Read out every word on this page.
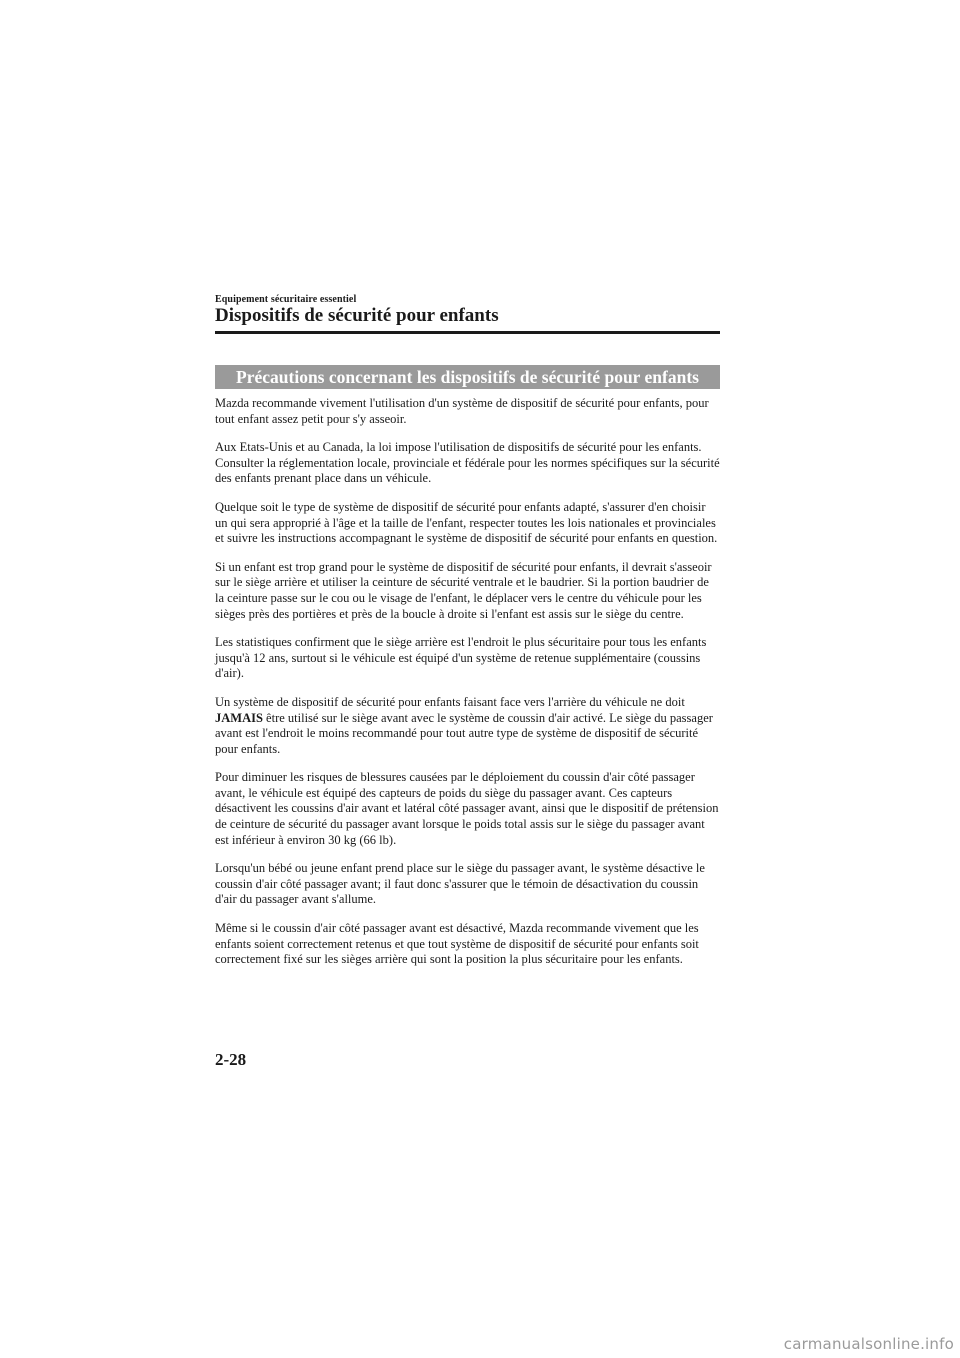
Equipement sécuritaire essentiel
Dispositifs de sécurité pour enfants
Précautions concernant les dispositifs de sécurité pour enfants

Mazda recommande vivement l'utilisation d'un système de dispositif de sécurité pour enfants, pour tout enfant assez petit pour s'y asseoir.

Aux Etats-Unis et au Canada, la loi impose l'utilisation de dispositifs de sécurité pour les enfants. Consulter la réglementation locale, provinciale et fédérale pour les normes spécifiques sur la sécurité des enfants prenant place dans un véhicule.

Quelque soit le type de système de dispositif de sécurité pour enfants adapté, s'assurer d'en choisir un qui sera approprié à l'âge et la taille de l'enfant, respecter toutes les lois nationales et provinciales et suivre les instructions accompagnant le système de dispositif de sécurité pour enfants en question.

Si un enfant est trop grand pour le système de dispositif de sécurité pour enfants, il devrait s'asseoir sur le siège arrière et utiliser la ceinture de sécurité ventrale et le baudrier. Si la portion baudrier de la ceinture passe sur le cou ou le visage de l'enfant, le déplacer vers le centre du véhicule pour les sièges près des portières et près de la boucle à droite si l'enfant est assis sur le siège du centre.

Les statistiques confirment que le siège arrière est l'endroit le plus sécuritaire pour tous les enfants jusqu'à 12 ans, surtout si le véhicule est équipé d'un système de retenue supplémentaire (coussins d'air).

Un système de dispositif de sécurité pour enfants faisant face vers l'arrière du véhicule ne doit JAMAIS être utilisé sur le siège avant avec le système de coussin d'air activé. Le siège du passager avant est l'endroit le moins recommandé pour tout autre type de système de dispositif de sécurité pour enfants.

Pour diminuer les risques de blessures causées par le déploiement du coussin d'air côté passager avant, le véhicule est équipé des capteurs de poids du siège du passager avant. Ces capteurs désactivent les coussins d'air avant et latéral côté passager avant, ainsi que le dispositif de prétension de ceinture de sécurité du passager avant lorsque le poids total assis sur le siège du passager avant est inférieur à environ 30 kg (66 lb).

Lorsqu'un bébé ou jeune enfant prend place sur le siège du passager avant, le système désactive le coussin d'air côté passager avant; il faut donc s'assurer que le témoin de désactivation du coussin d'air du passager avant s'allume.

Même si le coussin d'air côté passager avant est désactivé, Mazda recommande vivement que les enfants soient correctement retenus et que tout système de dispositif de sécurité pour enfants soit correctement fixé sur les sièges arrière qui sont la position la plus sécuritaire pour les enfants.

2-28
carmanualsonline.info
